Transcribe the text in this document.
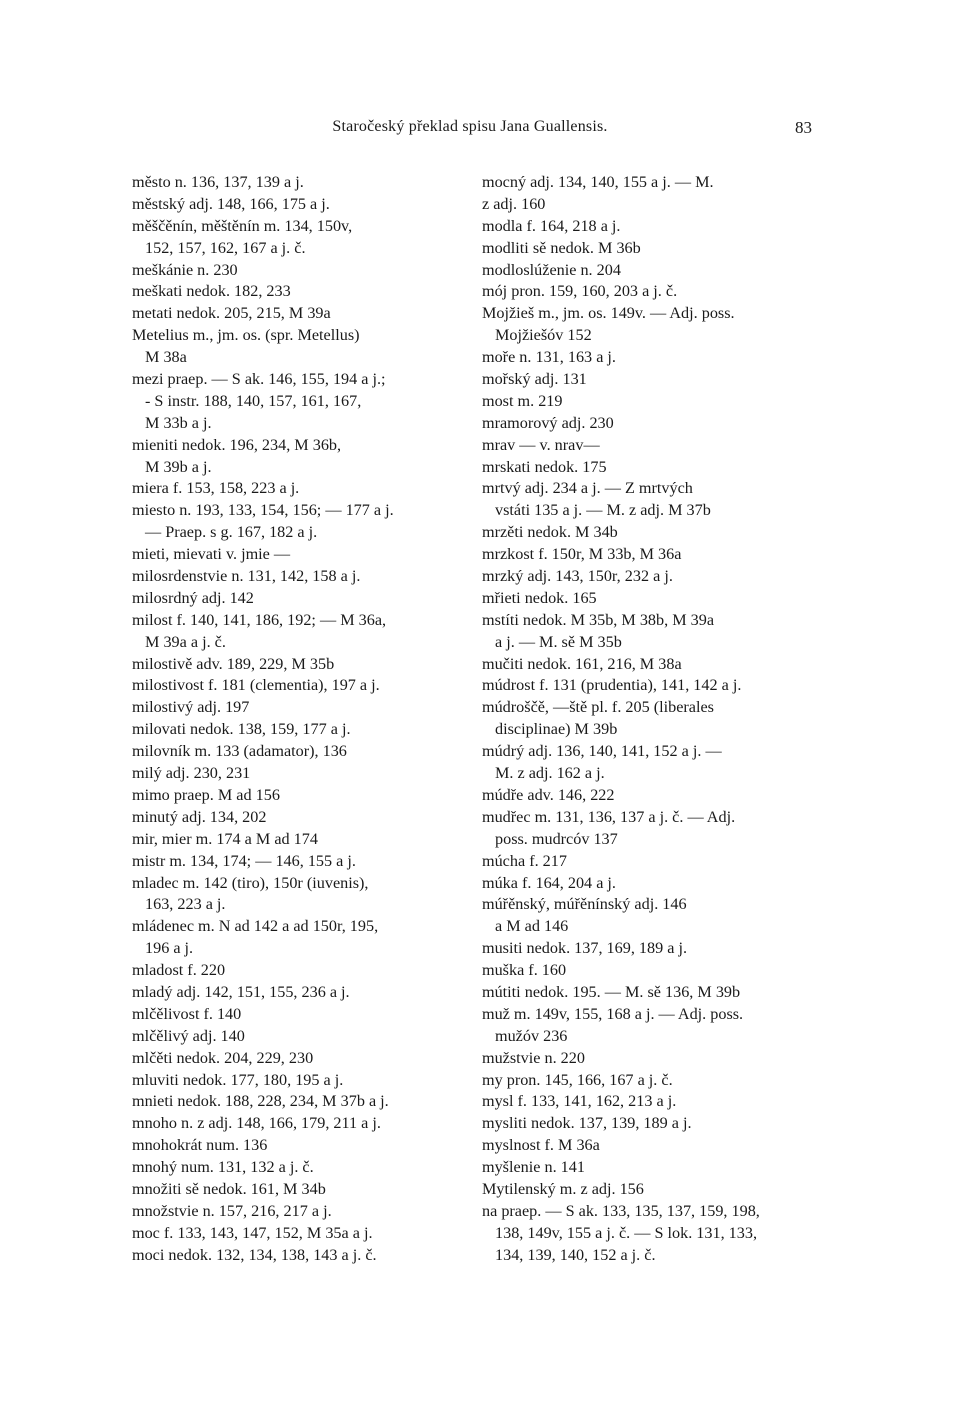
Staročeský překlad spisu Jana Guallensis.	83
město n. 136, 137, 139 a j.
městský adj. 148, 166, 175 a j.
měščěnín, měštěnín m. 134, 150v,
152, 157, 162, 167 a j. č.
meškánie n. 230
meškati nedok. 182, 233
metati nedok. 205, 215, M 39a
Metelius m., jm. os. (spr. Metellus)
M 38a
mezi praep. — S ak. 146, 155, 194 a j.;
- S instr. 188, 140, 157, 161, 167,
M 33b a j.
mieniti nedok. 196, 234, M 36b,
M 39b a j.
miera f. 153, 158, 223 a j.
miesto n. 193, 133, 154, 156; — 177 a j.
— Praep. s g. 167, 182 a j.
mieti, mievati v. jmie —
milosrdenstvie n. 131, 142, 158 a j.
milosrdný adj. 142
milost f. 140, 141, 186, 192; — M 36a,
M 39a a j. č.
milostivě adv. 189, 229, M 35b
milostivost f. 181 (clementia), 197 a j.
milostivý adj. 197
milovati nedok. 138, 159, 177 a j.
milovník m. 133 (adamator), 136
milý adj. 230, 231
mimo praep. M ad 156
minutý adj. 134, 202
mir, mier m. 174 a M ad 174
mistr m. 134, 174; — 146, 155 a j.
mladec m. 142 (tiro), 150r (iuvenis),
163, 223 a j.
mládenec m. N ad 142 a ad 150r, 195,
196 a j.
mladost f. 220
mladý adj. 142, 151, 155, 236 a j.
mlčělivost f. 140
mlčělivý adj. 140
mlčěti nedok. 204, 229, 230
mluviti nedok. 177, 180, 195 a j.
mnieti nedok. 188, 228, 234, M 37b a j.
mnoho n. z adj. 148, 166, 179, 211 a j.
mnohokrát num. 136
mnohý num. 131, 132 a j. č.
množiti sě nedok. 161, M 34b
množstvie n. 157, 216, 217 a j.
moc f. 133, 143, 147, 152, M 35a a j.
moci nedok. 132, 134, 138, 143 a j. č.
mocný adj. 134, 140, 155 a j. — M.
z adj. 160
modla f. 164, 218 a j.
modliti sě nedok. M 36b
modloslúženie n. 204
mój pron. 159, 160, 203 a j. č.
Mojžieš m., jm. os. 149v. — Adj. poss.
Mojžiešóv 152
moře n. 131, 163 a j.
mořský adj. 131
most m. 219
mramorový adj. 230
mrav — v. nrav—
mrskati nedok. 175
mrtvý adj. 234 a j. — Z mrtvých
vstáti 135 a j. — M. z adj. M 37b
mrzěti nedok. M 34b
mrzkost f. 150r, M 33b, M 36a
mrzký adj. 143, 150r, 232 a j.
mřieti nedok. 165
mstíti nedok. M 35b, M 38b, M 39a
a j. — M. sě M 35b
mučiti nedok. 161, 216, M 38a
múdrost f. 131 (prudentia), 141, 142 a j.
múdroščě, —ště pl. f. 205 (liberales
disciplinae) M 39b
múdrý adj. 136, 140, 141, 152 a j. —
M. z adj. 162 a j.
múdře adv. 146, 222
mudřec m. 131, 136, 137 a j. č. — Adj.
poss. mudrcóv 137
múcha f. 217
múka f. 164, 204 a j.
múřěnský, múřěnínský adj. 146
a M ad 146
musiti nedok. 137, 169, 189 a j.
muška f. 160
mútiti nedok. 195. — M. sě 136, M 39b
muž m. 149v, 155, 168 a j. — Adj. poss.
mužóv 236
mužstvie n. 220
my pron. 145, 166, 167 a j. č.
mysl f. 133, 141, 162, 213 a j.
mysliti nedok. 137, 139, 189 a j.
myslnost f. M 36a
myšlenie n. 141
Mytilenský m. z adj. 156
na praep. — S ak. 133, 135, 137, 159, 198,
138, 149v, 155 a j. č. — S lok. 131, 133,
134, 139, 140, 152 a j. č.
